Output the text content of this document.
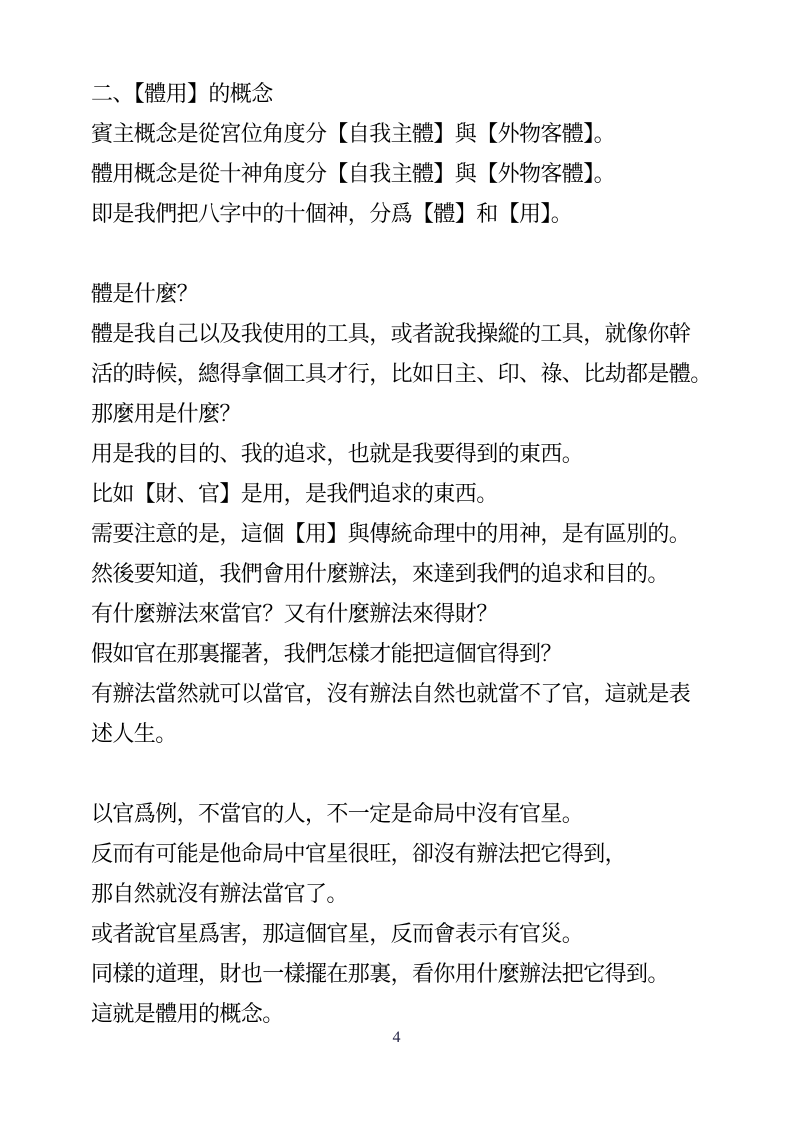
二、【體用】的概念

賓主概念是從宮位角度分【自我主體】與【外物客體】。

體用概念是從十神角度分【自我主體】與【外物客體】。

即是我們把八字中的十個神，分爲【體】和【用】。

體是什麼？

體是我自己以及我使用的工具，或者說我操縱的工具，就像你幹

活的時候，總得拿個工具才行，比如日主、印、祿、比劫都是體。

那麼用是什麼？

用是我的目的、我的追求，也就是我要得到的東西。

比如【財、官】是用，是我們追求的東西。

需要注意的是，這個【用】與傳統命理中的用神，是有區別的。

然後要知道，我們會用什麼辦法，來達到我們的追求和目的。

有什麼辦法來當官？又有什麼辦法來得財？

假如官在那裏擺著，我們怎樣才能把這個官得到？

有辦法當然就可以當官，沒有辦法自然也就當不了官，這就是表

述人生。

以官爲例，不當官的人，不一定是命局中沒有官星。

反而有可能是他命局中官星很旺，卻沒有辦法把它得到，

那自然就沒有辦法當官了。

或者說官星爲害，那這個官星，反而會表示有官災。

同樣的道理，財也一樣擺在那裏，看你用什麼辦法把它得到。

這就是體用的概念。

4
